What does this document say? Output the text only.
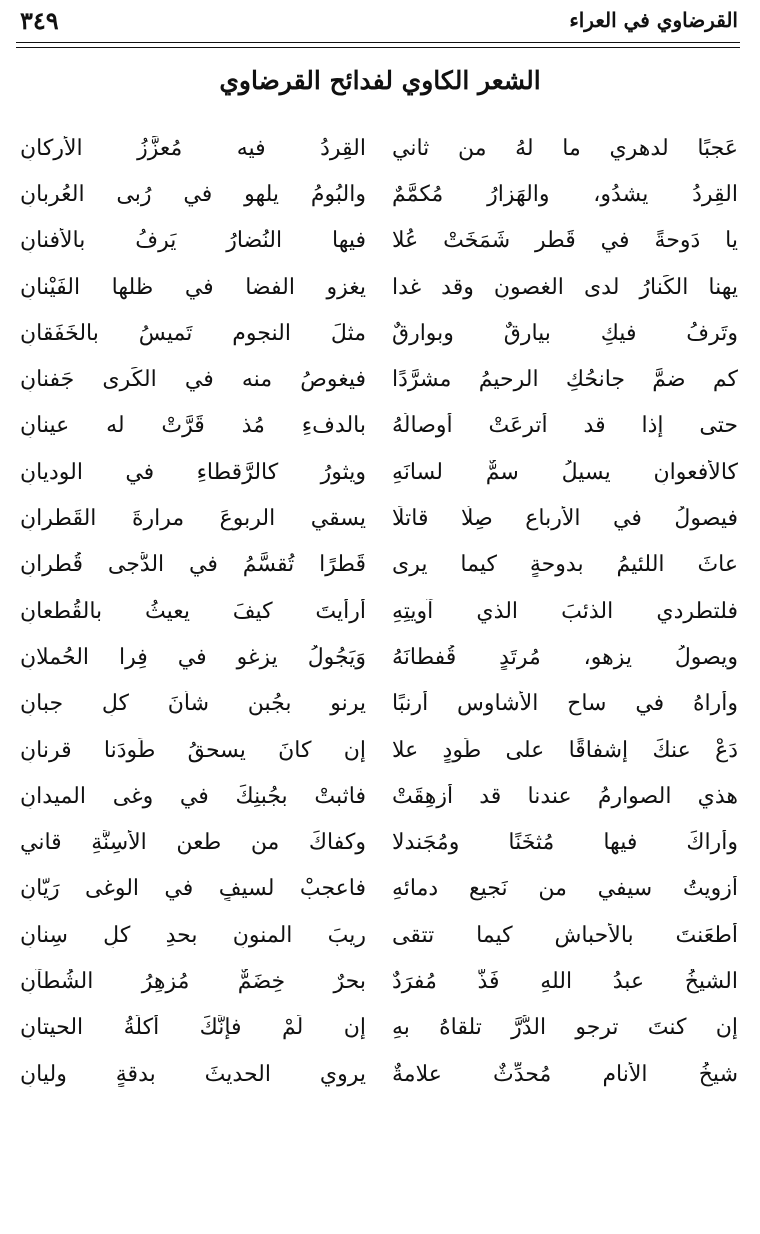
القرضاوي في العراء
٣٤٩
الشعر الكاوي لفدائح القرضاوي
عَجبًا لدهري ما لهُ من ثاني
القِردُ فيه مُعزَّزُ الأركانِ
القِردُ يشدُو، والهَزارُ مُكمَّمٌ
والبُومُ يلهو في رُبى العُربانِ
يا دَوحةً في قَطرِ شَمَخَتْ عُلا
فيها النُضارُ يَرِفُ بالأفنانِ
يهنا الكَنارُ لدى الغصونِ وقد غدا
يغزو الفضا في ظلها الفَيْنانِ
وتَرِفُ فيكِ بيارقٌ وبوارقٌ
مثلَ النجومِ تَميسُ بالخَفَقانِ
كم ضمَّ جانحُكِ الرحيمُ مشرَّدًا
فيغوصُ منه في الكَرى جَفنانِ
حتى إذا قد أُترِعَتْ أوصالُهُ
بالدفءِ مُذ قَرَّتْ له عينانِ
كالأفعوانِ يسيلُ سمٌّ لسانَهِ
ويثورُ كالرَّقطاءِ في الوديانِ
فيصولُ في الأرباعِ صِلًّا قاتلًا
يسقي الربوعَ مرارةَ القَطرانِ
عاثَ اللئيمُ بدوحةٍ كيما يرى
قَطرًا تُقسَّمُ في الدُّجى قُطرانِ
فلتطردي الذئبَ الذي آويتِهِ
أرأيتَ كيفَ يعيثُ بالقُطعانِ
ويصولُ يزهو، مُرتَدٍ قُفطانَهُ
وَيَجُولُ يزغو في فِرا الحُملانِ
وأراهُ في ساحِ الأشاوسِ أرنبًا
يرنو بجُبنٍ شأنَ كلِ جبانِ
دَعْ عنكَ إشفاقًا على طَودٍ علا
إن كانَ يسحقُ طَودَنا قرنانِ
هذي الصوارمُ عندنا قد أُزهِقَتْ
فاثبتْ بجُبنِكَ في وغى الميدانِ
وأراكَ فيها مُثخَنًا ومُجَندلا
وكفاكَ من طعنِ الأسِنَّةِ قاني
أزويتُ سيفي من نَجيعِ دمائهِ
فاعجبْ لسيفٍ في الوغى رَيّانِ
أطعَنتَ بالأحباشِ كيما تتقى
ريبَ المنونِ بحدِ كلِ سِنانِ
الشيخُ عبدُ اللهِ فَذٌّ مُفرَدٌ
بحرٌ خِضَمٌّ مُزهِرُ الشُطآنِ
إن كنتَ ترجو الدُّرَّ تلقاهُ بهِ
إن لَمْ فإنَّكَ أُكلَةُ الحيتانِ
شيخُ الأنامِ مُحدِّثٌ علامةٌ
يروي الحديثَ بدقةٍ وليانِ
